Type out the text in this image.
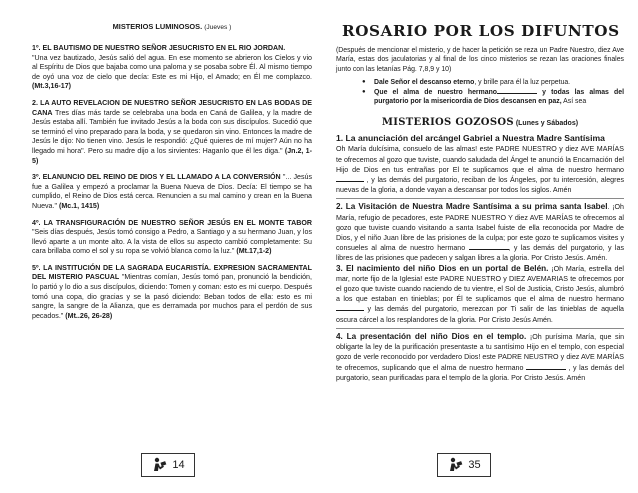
MISTERIOS LUMINOSOS. (Jueves )

1º. EL BAUTISMO DE NUESTRO SEÑOR JESUCRISTO EN EL RIO JORDAN.
"Una vez bautizado, Jesús salió del agua. En ese momento se abrieron los Cielos y vio al Espíritu de Dios que bajaba como una paloma y se posaba sobre Él. Al mismo tiempo de oyó una voz de cielo que decía: Este es mi Hijo, el Amado; en Él me complazco. (Mt.3,16-17)

2. LA AUTO REVELACION DE NUESTRO SEÑOR JESUCRISTO EN LAS BODAS DE CANA Tres días más tarde se celebraba una boda en Caná de Galilea, y la madre de Jesús estaba allí. También fue invitado Jesús a la boda con sus discípulos. Sucedió que se terminó el vino preparado para la boda, y se quedaron sin vino. Entonces la madre de Jesús le dijo: No tienen vino. Jesús le respondió: ¿Qué quieres de mí mujer? Aún no ha llegado mi hora". Pero su madre dijo a los sirvientes: Haganlo que él les diga." (Jn.2, 1-5)

3º. ELANUNCIO DEL REINO DE DIOS Y EL LLAMADO A LA CONVERSIÓN "... Jesús fue a Galilea y empezó a proclamar la Buena Nueva de Dios. Decía: El tiempo se ha cumplido, el Reino de Dios está cerca. Renuncien a su mal camino y crean en la Buena Nueva." (Mc.1, 1415)

4º. LA TRANSFIGURACIÓN DE NUESTRO SEÑOR JESÚS EN EL MONTE TABOR "Seis días después, Jesús tomó consigo a Pedro, a Santiago y a su hermano Juan, y los llevó aparte a un monte alto. A la vista de ellos su aspecto cambió completamente: Su cara brillaba como el sol y su ropa se volvió blanca como la luz." (Mt.17,1-2)

5º. LA INSTITUCIÓN DE LA SAGRADA EUCARISTÍA. EXPRESION SACRAMENTAL DEL MISTERIO PASCUAL "Mientras comían, Jesús tomó pan, pronunció la bendición, lo partió y lo dio a sus discípulos, diciendo: Tomen y coman: esto es mi cuerpo. Después tomó una copa, dio gracias y se la pasó diciendo: Beban todos de ella: esto es mi sangre, la sangre de la Alianza, que es derramada por muchos para el perdón de sus pecados." (Mt..26, 26-28)

ROSARIO POR LOS DIFUNTOS

(Después de mencionar el misterio, y de hacer la petición se reza un Padre Nuestro, diez Ave María, estas dos jaculatorias y al final de los cinco misterios se rezan las oraciones finales junto con las letanías Pág. 7,8,9 y 10)

● Dale Señor el descanso eterno, y brille para él la luz perpetua.
● Que el alma de nuestro hermano	y todas las almas del purgatorio por la misericordia de Dios descansen en paz, Así sea
MISTERIOS GOZOSOS (Lunes y Sábados)
1. La anunciación del arcángel Gabriel a Nuestra Madre Santísima

Oh María dulcísima, consuelo de las almas! este PADRE NUESTRO y diez AVE MARÍAS te ofrecemos al gozo que tuviste, cuando saludada del Ángel te anunció la Encarnación del Hijo de Dios en tus entrañas por El te suplicamos que el alma de nuestro hermano  , y las demás del purgatorio, reciban de los Ángeles, por tu intercesión, alegres nuevas de la gloria, a donde vayan a descansar por todos los siglos. Amén

2. La Visitación de Nuestra Madre Santísima a su prima santa Isabel. ¡Oh María, refugio de pecadores, este PADRE NUESTRO Y diez AVE MARÍAS te ofrecemos al gozo que tuviste cuando visitando a santa Isabel fuiste de ella reconocida por Madre de Dios, y el niño Juan libre de las prisiones de la culpa; por este gozo te suplicamos visites y consueles al alma de nuestro hermano	, y las demás del purgatorio, y las libres de las prisiones que padecen y salgan libres a la gloria. Por Cristo Jesús. Amén.

3. El nacimiento del niño Dios en un portal de Belén. ¡Oh María, estrella del mar, norte fijo de la Iglesia! este PADRE NUESTRO y DIEZ AVEMARIAS te ofrecemos por el gozo que tuviste cuando naciendo de tu vientre, el Sol de Justicia, Cristo Jesús, alumbró a los que estaban en tinieblas; por Él te suplicamos que el alma de nuestro hermano  y las demás del purgatorio, merezcan por Ti salir de las tinieblas de aquella oscura cárcel a los resplandores de la gloria. Por Cristo Jesús Amén.

4. La presentación del niño Dios en el templo. ¡Oh purísima María, que sin obligarte la ley de la purificación presentaste a tu santísimo Hijo en el templo, con especial gozo de verle reconocido por verdadero Dios! este PADRE NEUSTRO y diez AVE MARÍAS te ofrecemos, suplicando que el alma de nuestro hermano	, y las demás del purgatorio, sean purificadas para el templo de la gloria. Por Cristo Jesús. Amén

14	35
